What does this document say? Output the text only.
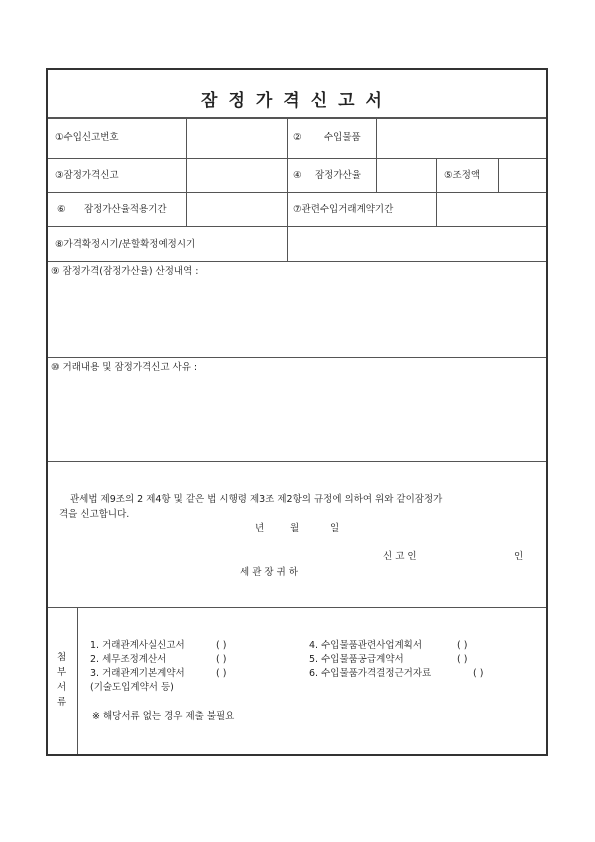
잠정가격신고서
①수입신고번호	② 수입물품
③잠정가격신고	④ 잠정가산율	⑤조정액
⑥ 잠정가산율적용기간	⑦관련수입거래계약기간
⑧가격확정시기/분할확정예정시기
⑨ 잠정가격(잠정가산율) 산정내역 :
⑩ 거래내용 및 잠정가격신고 사유 :
관세법 제9조의 2 제4항 및 같은 법 시행령 제3조 제2항의 규정에 의하여 위와 같이잠정가
격을 신고합니다.
년	월	일
신 고 인	인
세 관 장 귀 하
첨
부
서
류
1. 거래관계사실신고서	( )
2. 세무조정계산서	( )
3. 거래관계기본계약서	( )
(기술도입계약서 등)
4. 수입물품관련사업계획서	( )
5. 수입물품공급계약서	( )
6. 수입물품가격결정근거자료	( )
※ 해당서류 없는 경우 제출 불필요
